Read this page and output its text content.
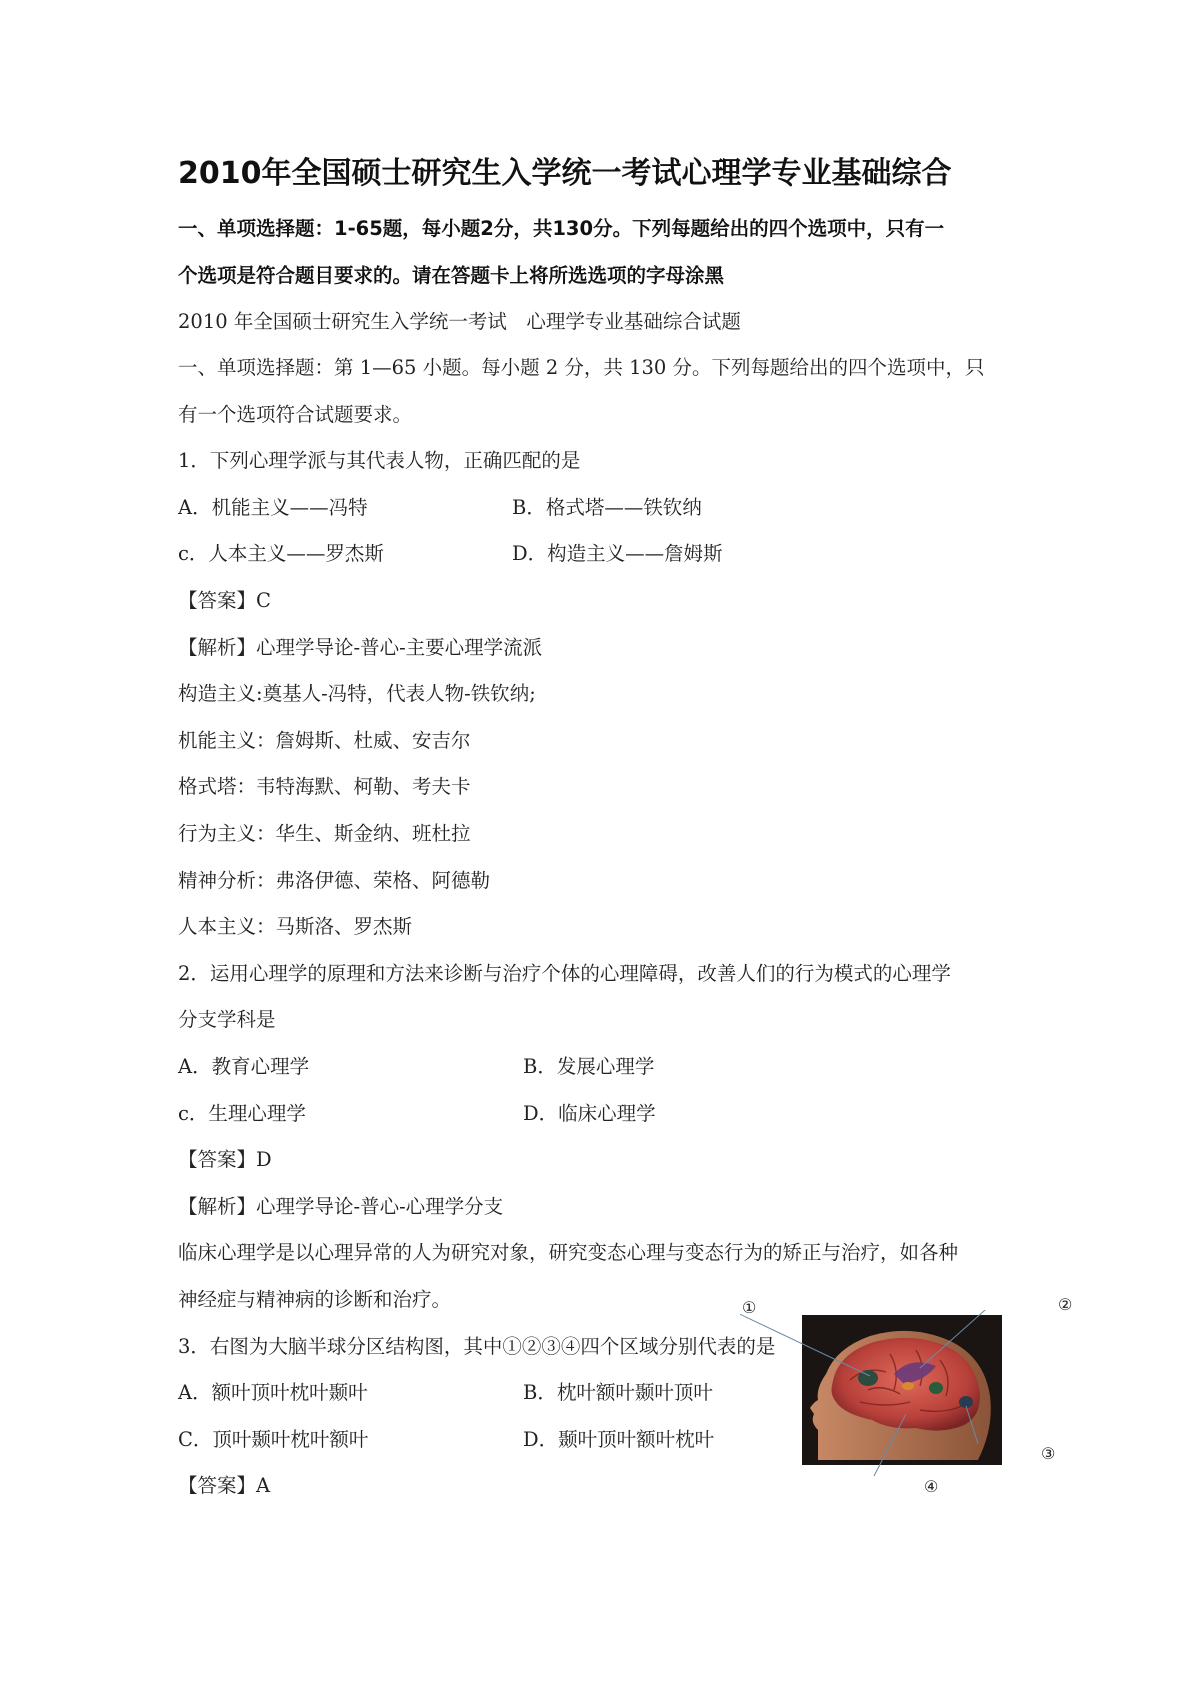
2010年全国硕士研究生入学统一考试心理学专业基础综合
一、单项选择题：1-65题，每小题2分，共130分。下列每题给出的四个选项中，只有一
个选项是符合题目要求的。请在答题卡上将所选选项的字母涂黑
2010 年全国硕士研究生入学统一考试　心理学专业基础综合试题
一、单项选择题：第 1—65 小题。每小题 2 分，共 130 分。下列每题给出的四个选项中，只
有一个选项符合试题要求。
1．下列心理学派与其代表人物，正确匹配的是
A．机能主义——冯特	B．格式塔——铁钦纳
c．人本主义——罗杰斯	D．构造主义——詹姆斯
【答案】C
【解析】心理学导论-普心-主要心理学流派
构造主义:奠基人-冯特，代表人物-铁钦纳;
机能主义：詹姆斯、杜威、安吉尔
格式塔：韦特海默、柯勒、考夫卡
行为主义：华生、斯金纳、班杜拉
精神分析：弗洛伊德、荣格、阿德勒
人本主义：马斯洛、罗杰斯
2．运用心理学的原理和方法来诊断与治疗个体的心理障碍，改善人们的行为模式的心理学
分支学科是
A．教育心理学	B．发展心理学
c．生理心理学	D．临床心理学
【答案】D
【解析】心理学导论-普心-心理学分支
临床心理学是以心理异常的人为研究对象，研究变态心理与变态行为的矫正与治疗，如各种
神经症与精神病的诊断和治疗。
3．右图为大脑半球分区结构图，其中①②③④四个区域分别代表的是
A．额叶顶叶枕叶颞叶	B．枕叶额叶颞叶顶叶
C．顶叶颞叶枕叶额叶	D．颞叶顶叶额叶枕叶
【答案】A
①	②
③
④
